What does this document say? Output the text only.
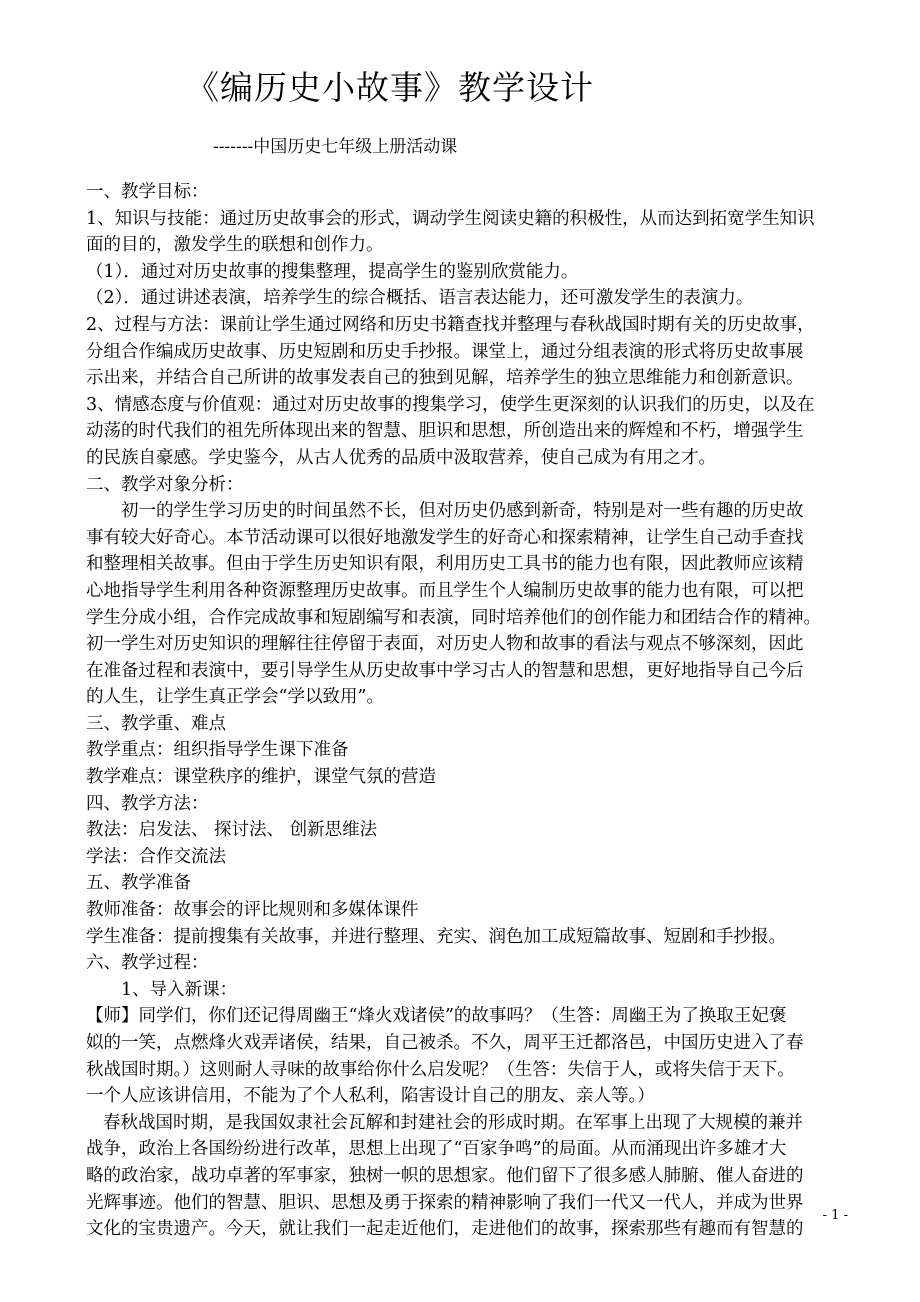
《编历史小故事》教学设计
-------中国历史七年级上册活动课

一、教学目标：

1、知识与技能：通过历史故事会的形式，调动学生阅读史籍的积极性，从而达到拓宽学生知识

面的目的，激发学生的联想和创作力。

（1）．通过对历史故事的搜集整理，提高学生的鉴别欣赏能力。

（2）．通过讲述表演，培养学生的综合概括、语言表达能力，还可激发学生的表演力。

2、过程与方法：课前让学生通过网络和历史书籍查找并整理与春秋战国时期有关的历史故事，

分组合作编成历史故事、历史短剧和历史手抄报。课堂上，通过分组表演的形式将历史故事展

示出来，并结合自己所讲的故事发表自己的独到见解，培养学生的独立思维能力和创新意识。

3、情感态度与价值观：通过对历史故事的搜集学习，使学生更深刻的认识我们的历史，以及在

动荡的时代我们的祖先所体现出来的智慧、胆识和思想，所创造出来的辉煌和不朽，增强学生

的民族自豪感。学史鉴今，从古人优秀的品质中汲取营养，使自己成为有用之才。

二、教学对象分析：

初一的学生学习历史的时间虽然不长，但对历史仍感到新奇，特别是对一些有趣的历史故

事有较大好奇心。本节活动课可以很好地激发学生的好奇心和探索精神，让学生自己动手查找

和整理相关故事。但由于学生历史知识有限，利用历史工具书的能力也有限，因此教师应该精

心地指导学生利用各种资源整理历史故事。而且学生个人编制历史故事的能力也有限，可以把

学生分成小组，合作完成故事和短剧编写和表演，同时培养他们的创作能力和团结合作的精神。

初一学生对历史知识的理解往往停留于表面，对历史人物和故事的看法与观点不够深刻，因此

在准备过程和表演中，要引导学生从历史故事中学习古人的智慧和思想，更好地指导自己今后

的人生，让学生真正学会“学以致用”。

三、教学重、难点

教学重点：组织指导学生课下准备

教学难点：课堂秩序的维护，课堂气氛的营造

四、教学方法：

教法：启发法、 探讨法、 创新思维法

学法：合作交流法

五、教学准备

教师准备：故事会的评比规则和多媒体课件

学生准备：提前搜集有关故事，并进行整理、充实、润色加工成短篇故事、短剧和手抄报。

六、教学过程：

1、导入新课：

【师】同学们，你们还记得周幽王“烽火戏诸侯”的故事吗？（生答：周幽王为了换取王妃褒

姒的一笑，点燃烽火戏弄诸侯，结果，自己被杀。不久，周平王迁都洛邑，中国历史进入了春

秋战国时期。）这则耐人寻味的故事给你什么启发呢？（生答：失信于人，或将失信于天下。

一个人应该讲信用，不能为了个人私利，陷害设计自己的朋友、亲人等。）

春秋战国时期，是我国奴隶社会瓦解和封建社会的形成时期。在军事上出现了大规模的兼并

战争，政治上各国纷纷进行改革，思想上出现了“百家争鸣”的局面。从而涌现出许多雄才大

略的政治家，战功卓著的军事家，独树一帜的思想家。他们留下了很多感人肺腑、催人奋进的

光辉事迹。他们的智慧、胆识、思想及勇于探索的精神影响了我们一代又一代人，并成为世界

文化的宝贵遗产。今天，就让我们一起走近他们，走进他们的故事，探索那些有趣而有智慧的

- 1 -
